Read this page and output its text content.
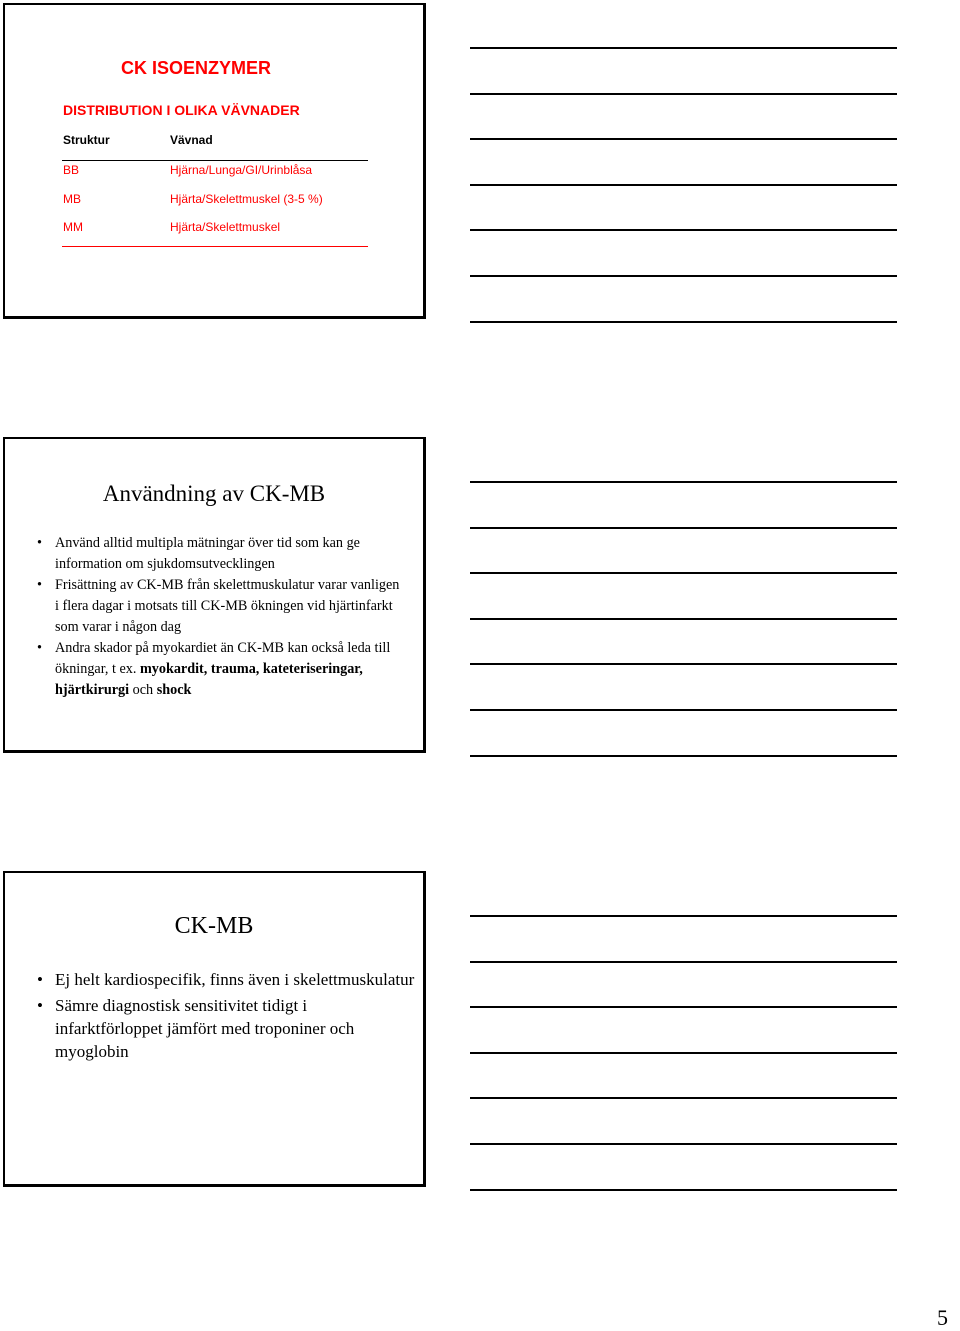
CK ISOENZYMER
DISTRIBUTION I OLIKA VÄVNADER
Struktur	Vävnad
BB	Hjärna/Lunga/GI/Urinblåsa
MB	Hjärta/Skelettmuskel (3-5 %)
MM	Hjärta/Skelettmuskel
Användning av CK-MB
• Använd alltid multipla mätningar över tid som kan ge information om sjukdomsutvecklingen
• Frisättning av CK-MB från skelettmuskulatur varar vanligen i flera dagar i motsats till CK-MB ökningen vid hjärtinfarkt som varar i någon dag
• Andra skador på myokardiet än CK-MB kan också leda till ökningar, t ex. myokardit, trauma, kateteriseringar, hjärtkirurgi och shock
CK-MB
• Ej helt kardiospecifik, finns även i skelettmuskulatur
• Sämre diagnostisk sensitivitet tidigt i infarktförloppet jämfört med troponiner och myoglobin
5
